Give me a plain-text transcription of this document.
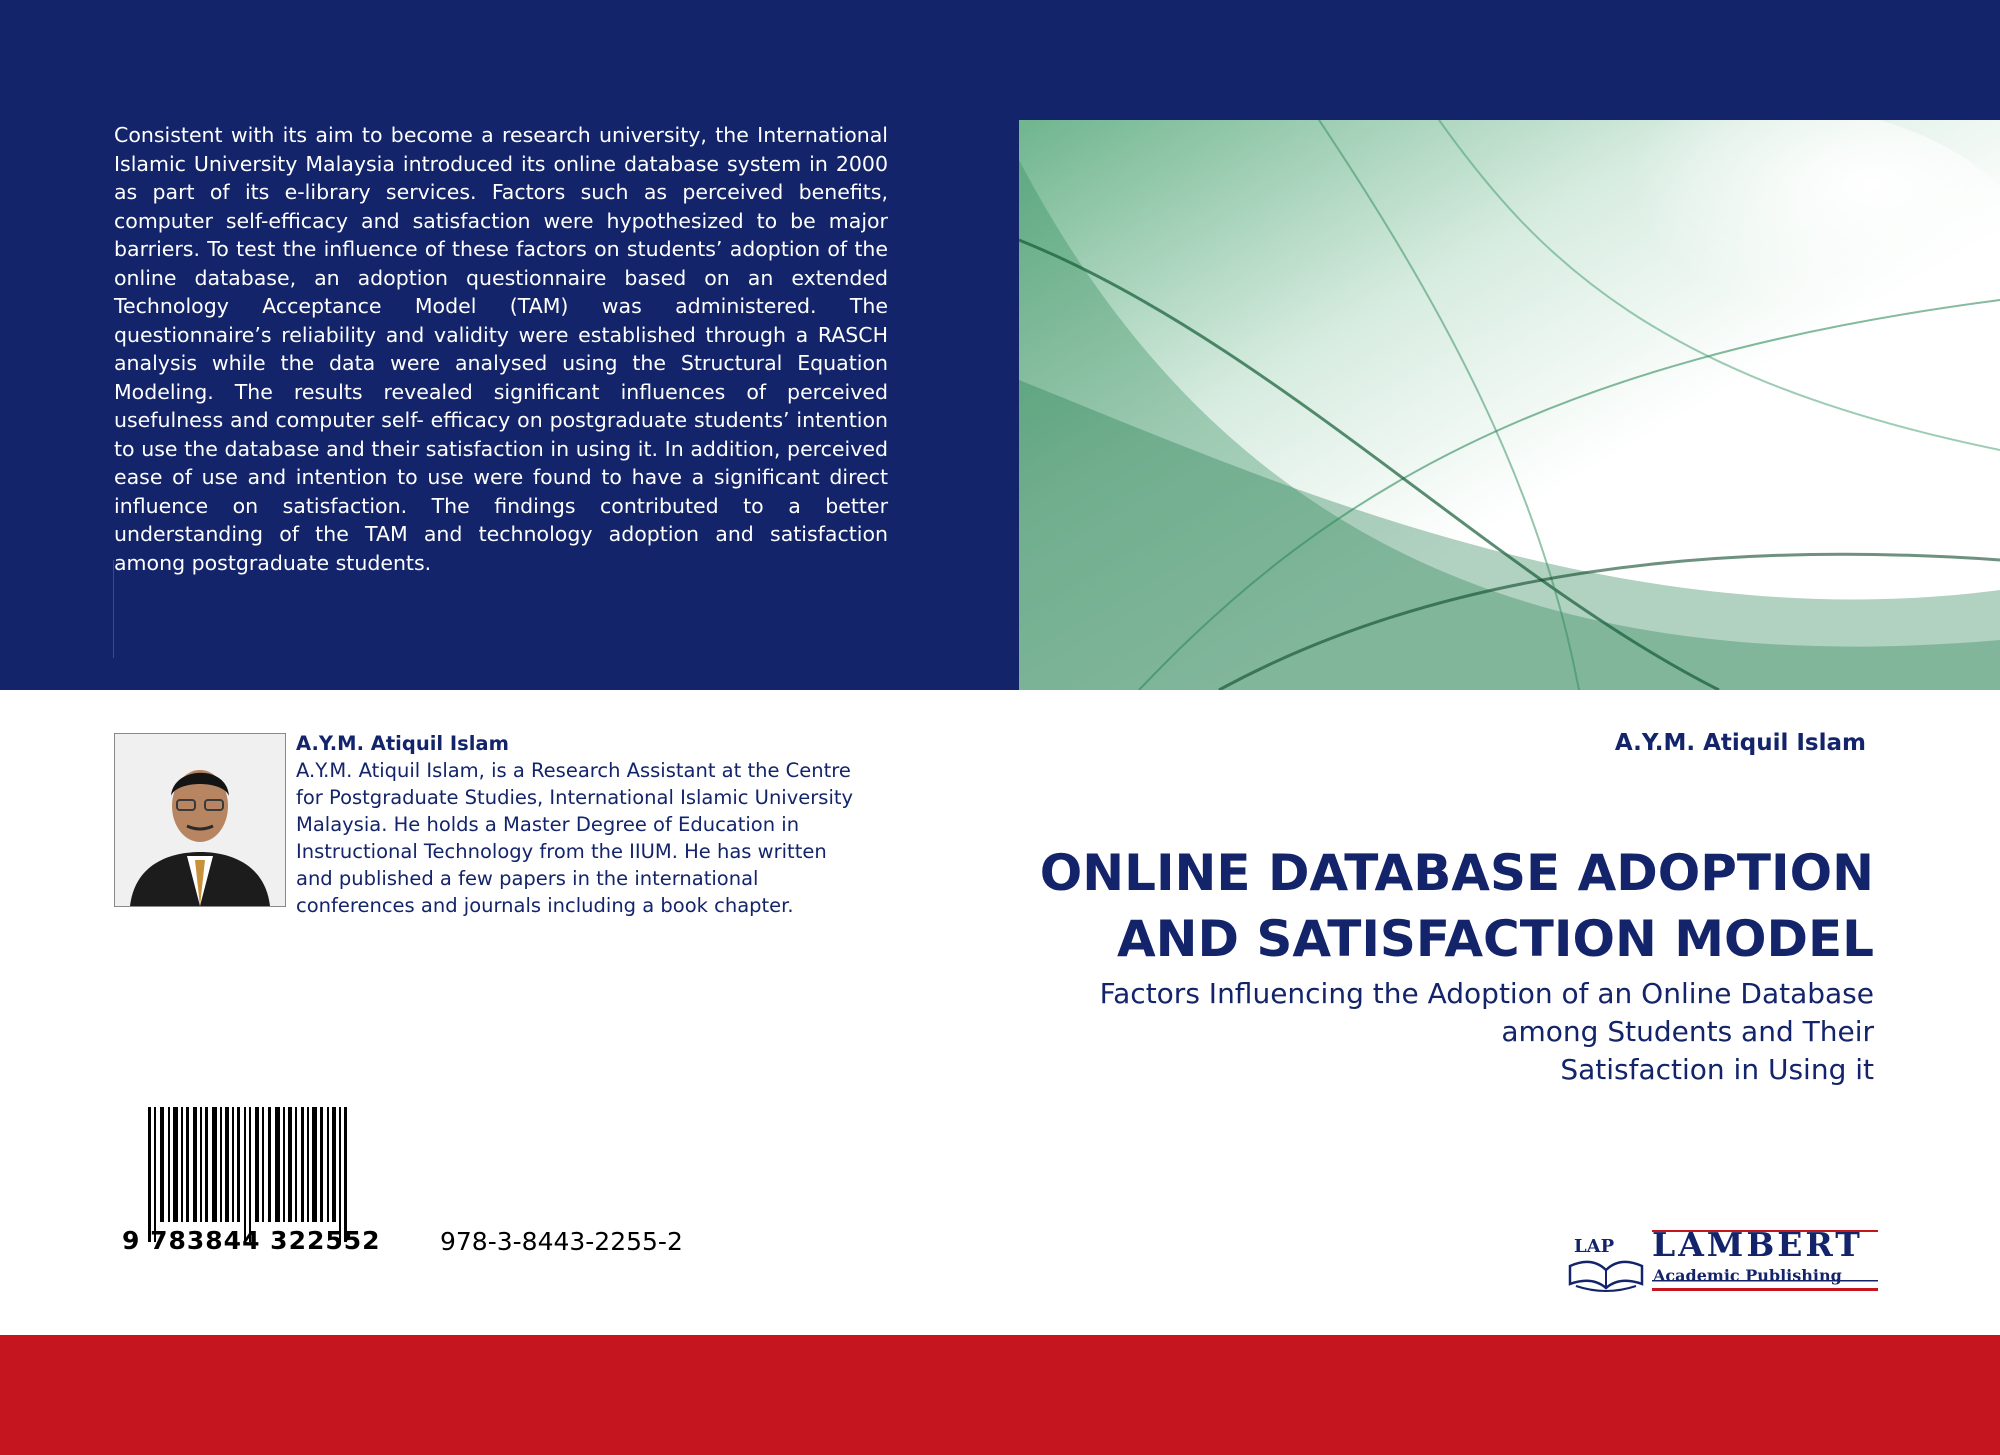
Consistent with its aim to become a research university, the International Islamic University Malaysia introduced its online database system in 2000 as part of its e-library services. Factors such as perceived benefits, computer self-efficacy and satisfaction were hypothesized to be major barriers. To test the influence of these factors on students’ adoption of the online database, an adoption questionnaire based on an extended Technology Acceptance Model (TAM) was administered. The questionnaire’s reliability and validity were established through a RASCH analysis while the data were analysed using the Structural Equation Modeling. The results revealed significant influences of perceived usefulness and computer self- efficacy on postgraduate students’ intention to use the database and their satisfaction in using it. In addition, perceived ease of use and intention to use were found to have a significant direct influence on satisfaction. The findings contributed to a better understanding of the TAM and technology adoption and satisfaction among postgraduate students.
A.Y.M. Atiquil Islam
A.Y.M. Atiquil Islam, is a Research Assistant at the Centre for Postgraduate Studies, International Islamic University Malaysia. He holds a Master Degree of Education in Instructional Technology from the IIUM. He has written and published a few papers in the international conferences and journals including a book chapter.
A.Y.M. Atiquil Islam
ONLINE DATABASE ADOPTION
AND SATISFACTION MODEL
Factors Influencing the Adoption of an Online Database
among Students and Their
Satisfaction in Using it
9 783844 322552 978-3-8443-2255-2	LAP LAMBERT
Academic Publishing
